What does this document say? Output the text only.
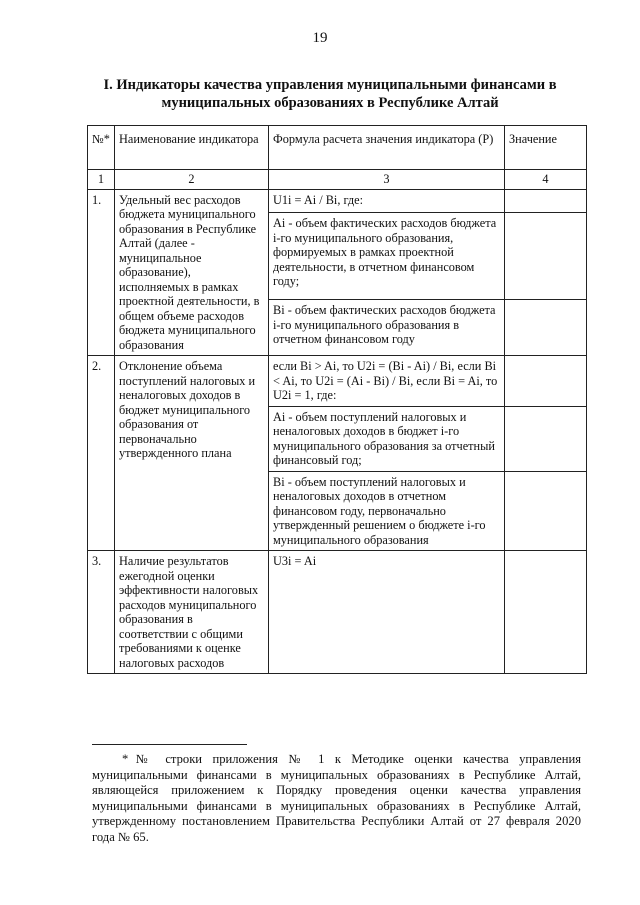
19
I. Индикаторы качества управления муниципальными финансами в
муниципальных образованиях в Республике Алтай
№*	Наименование индикатора	Формула расчета значения индикатора (P)	Значение
1	2	3	4
1.	Удельный вес расходов бюджета муниципального образования в Республике Алтай (далее - муниципальное образование), исполняемых в рамках проектной деятельности, в общем объеме расходов бюджета муниципального образования	U1i = Ai / Bi, где:	
		Ai - объем фактических расходов бюджета i-го муниципального образования, формируемых в рамках проектной деятельности, в отчетном финансовом году;	
		Bi - объем фактических расходов бюджета i-го муниципального образования в отчетном финансовом году	
2.	Отклонение объема поступлений налоговых и неналоговых доходов в бюджет муниципального образования от первоначально утвержденного плана	если Bi > Ai, то U2i = (Bi - Ai) / Bi, если Bi < Ai, то U2i = (Ai - Bi) / Bi, если Bi = Ai, то U2i = 1, где:	
		Ai - объем поступлений налоговых и неналоговых доходов в бюджет i-го муниципального образования за отчетный финансовый год;	
		Bi - объем поступлений налоговых и неналоговых доходов в отчетном финансовом году, первоначально утвержденный решением о бюджете i-го муниципального образования	
3.	Наличие результатов ежегодной оценки эффективности налоговых расходов муниципального образования в соответствии с общими требованиями к оценке налоговых расходов	U3i = Ai	
*№ строки приложения № 1 к Методике оценки качества управления муниципальными финансами в муниципальных образованиях в Республике Алтай, являющейся приложением к Порядку проведения оценки качества управления муниципальными финансами в муниципальных образованиях в Республике Алтай, утвержденному постановлением Правительства Республики Алтай от 27 февраля 2020 года № 65.
